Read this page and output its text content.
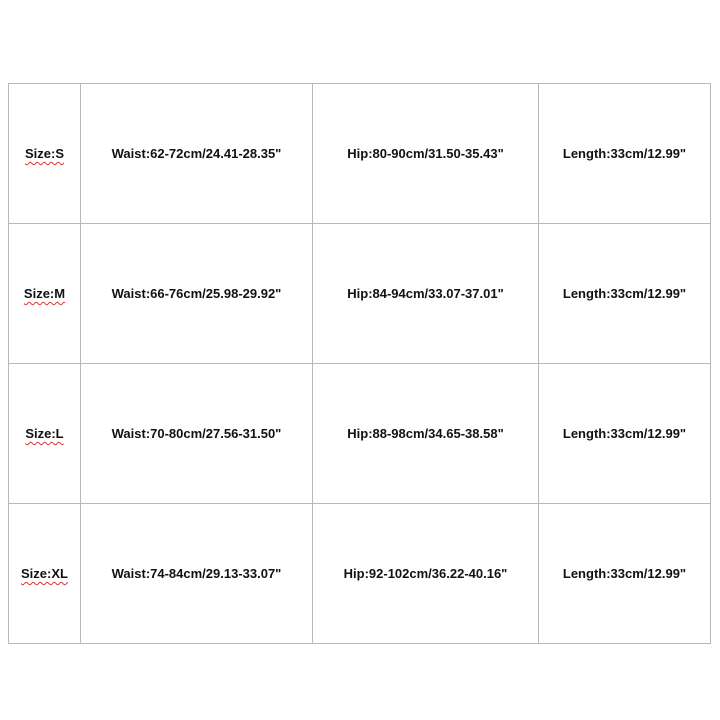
Size:S	Waist:62-72cm/24.41-28.35"	Hip:80-90cm/31.50-35.43"	Length:33cm/12.99"
Size:M	Waist:66-76cm/25.98-29.92"	Hip:84-94cm/33.07-37.01"	Length:33cm/12.99"
Size:L	Waist:70-80cm/27.56-31.50"	Hip:88-98cm/34.65-38.58"	Length:33cm/12.99"
Size:XL	Waist:74-84cm/29.13-33.07"	Hip:92-102cm/36.22-40.16"	Length:33cm/12.99"
